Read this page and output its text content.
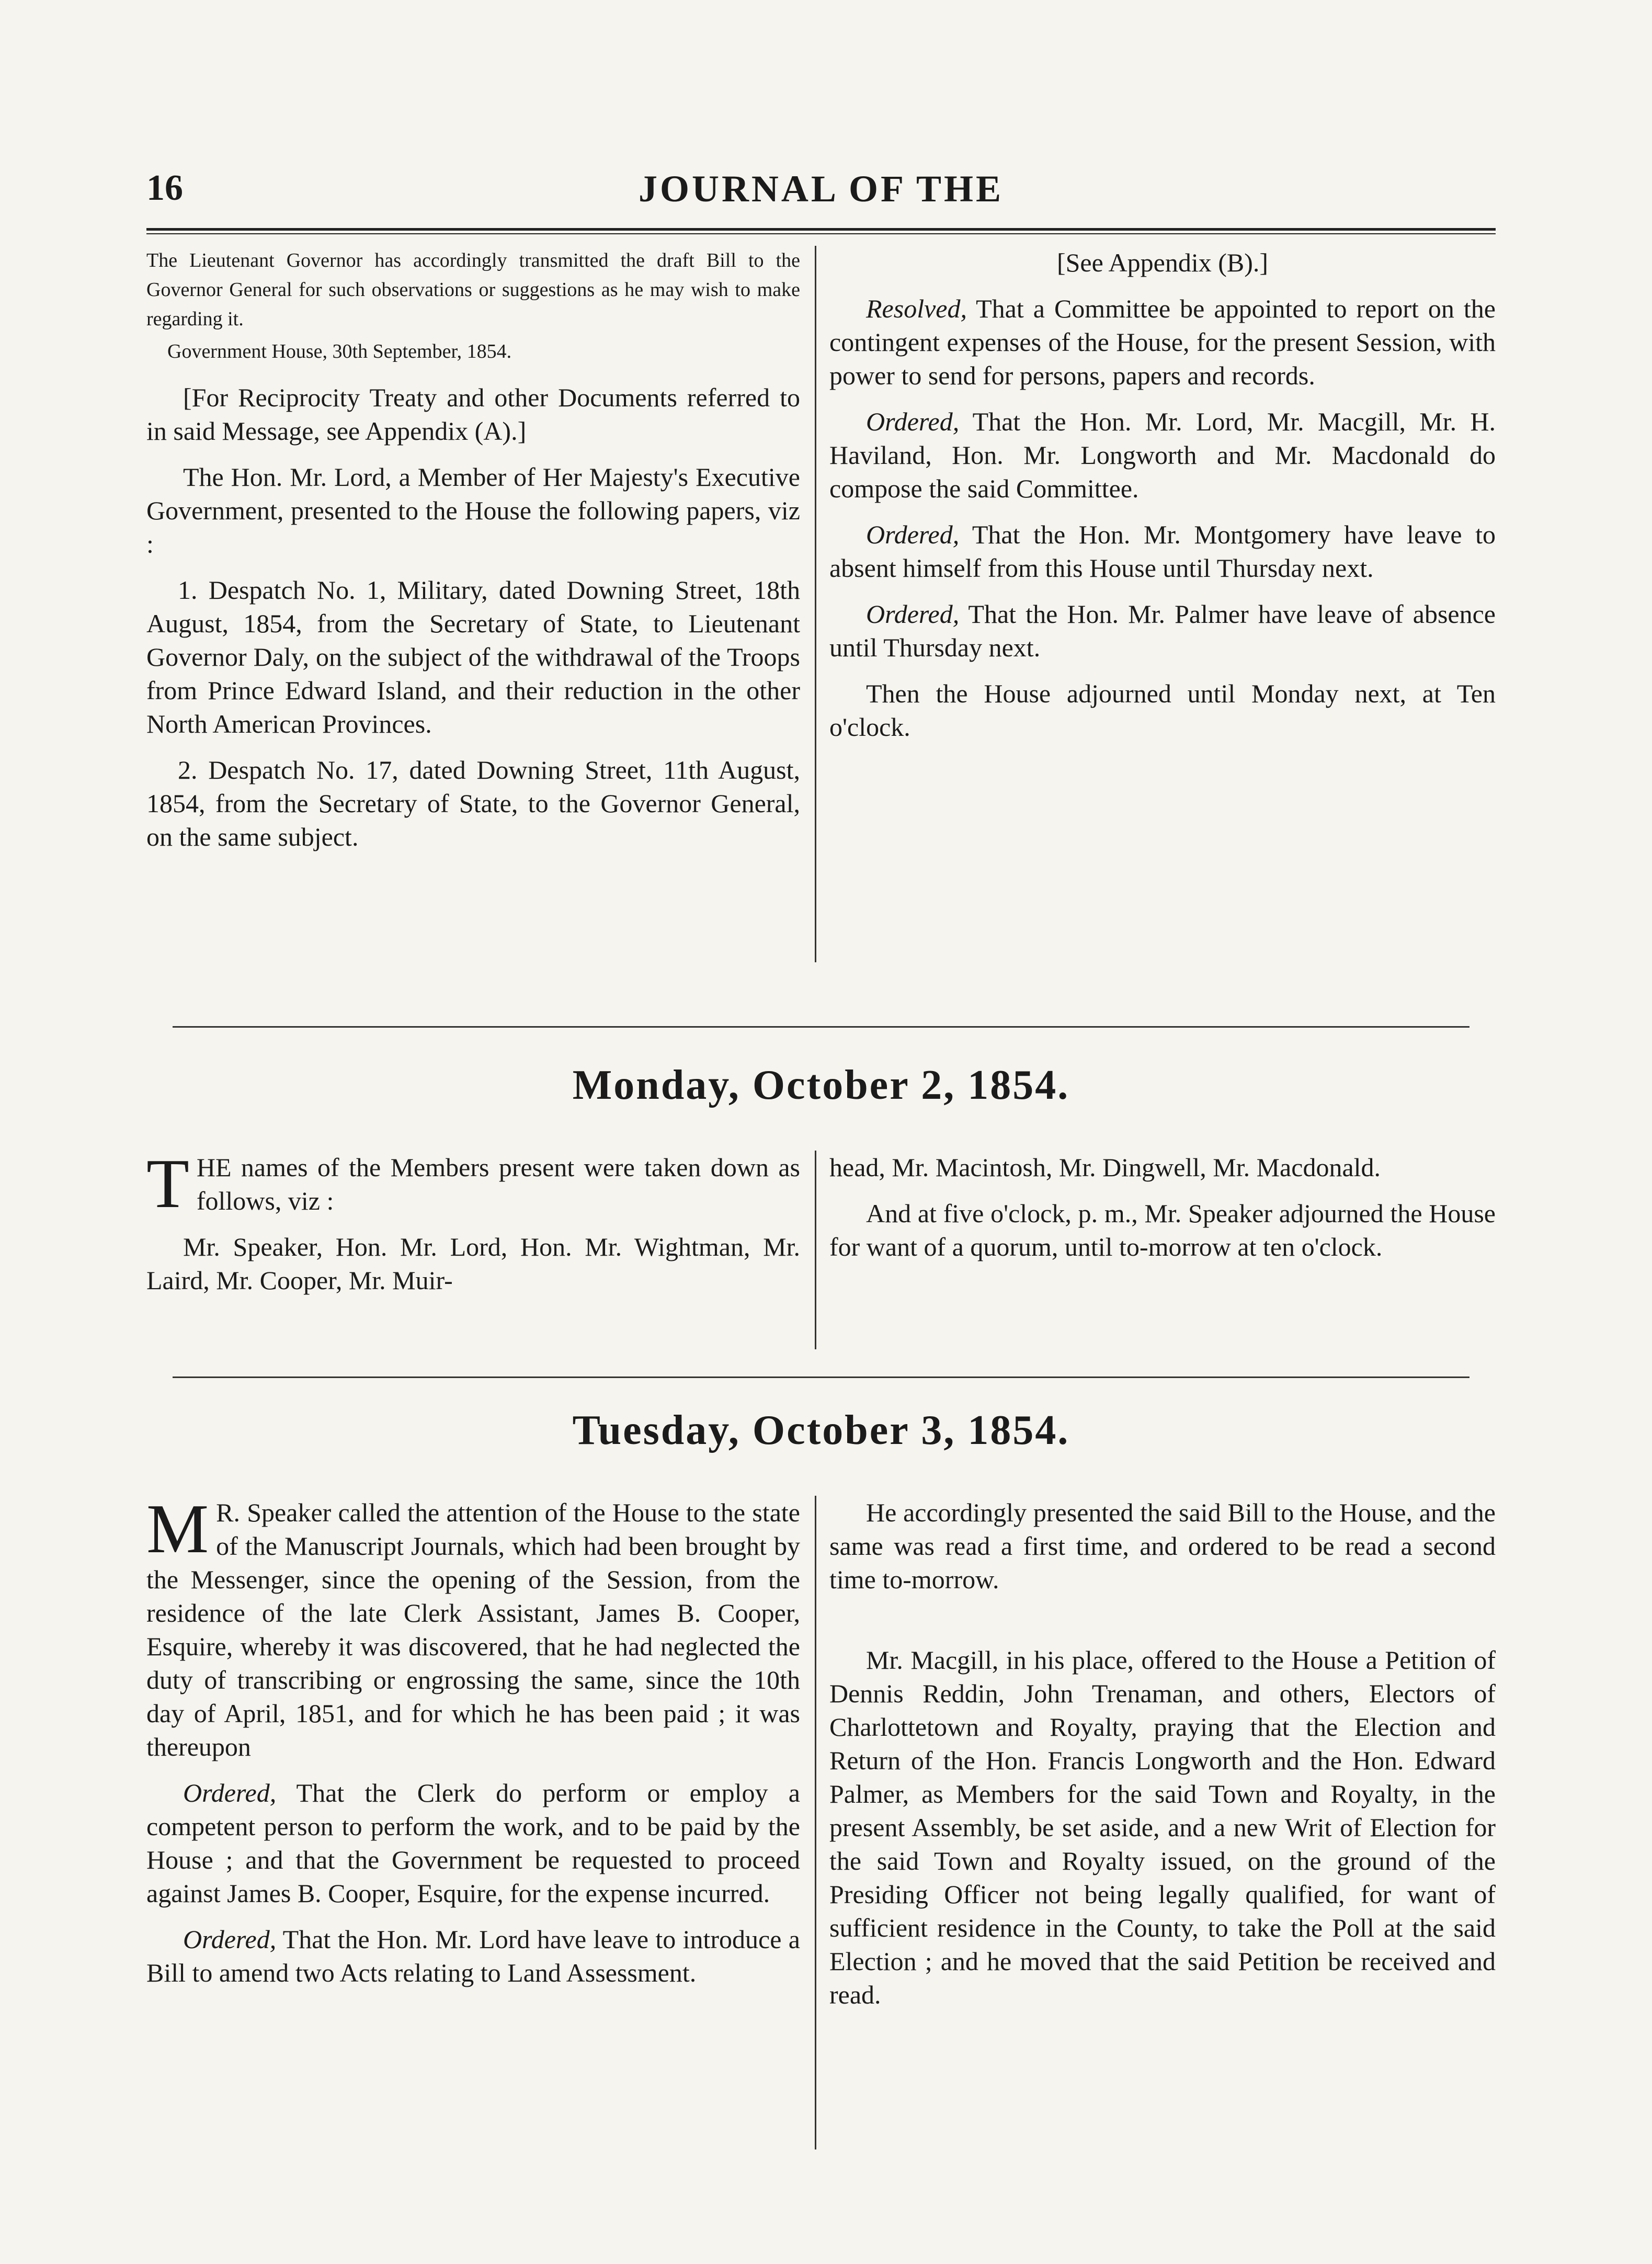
16	JOURNAL OF THE

The Lieutenant Governor has accordingly transmitted the draft Bill to the Governor General for such observations or suggestions as he may wish to make regarding it.

Government House, 30th September, 1854.

[For Reciprocity Treaty and other Documents referred to in said Message, see Appendix (A).]

The Hon. Mr. Lord, a Member of Her Majesty's Executive Government, presented to the House the following papers, viz :

1. Despatch No. 1, Military, dated Downing Street, 18th August, 1854, from the Secretary of State, to Lieutenant Governor Daly, on the subject of the withdrawal of the Troops from Prince Edward Island, and their reduction in the other North American Provinces.

2. Despatch No. 17, dated Downing Street, 11th August, 1854, from the Secretary of State, to the Governor General, on the same subject.

[See Appendix (B).]

Resolved, That a Committee be appointed to report on the contingent expenses of the House, for the present Session, with power to send for persons, papers and records.

Ordered, That the Hon. Mr. Lord, Mr. Macgill, Mr. H. Haviland, Hon. Mr. Longworth and Mr. Macdonald do compose the said Committee.

Ordered, That the Hon. Mr. Montgomery have leave to absent himself from this House until Thursday next.

Ordered, That the Hon. Mr. Palmer have leave of absence until Thursday next.

Then the House adjourned until Monday next, at Ten o'clock.

Monday, October 2, 1854.

THE names of the Members present were taken down as follows, viz :

Mr. Speaker, Hon. Mr. Lord, Hon. Mr. Wightman, Mr. Laird, Mr. Cooper, Mr. Muir-

head, Mr. Macintosh, Mr. Dingwell, Mr. Macdonald.

And at five o'clock, p. m., Mr. Speaker adjourned the House for want of a quorum, until to-morrow at ten o'clock.

Tuesday, October 3, 1854.

M R. Speaker called the attention of the House to the state of the Manuscript Journals, which had been brought by the Messenger, since the opening of the Session, from the residence of the late Clerk Assistant, James B. Cooper, Esquire, whereby it was discovered, that he had neglected the duty of transcribing or engrossing the same, since the 10th day of April, 1851, and for which he has been paid ; it was thereupon

Ordered, That the Clerk do perform or employ a competent person to perform the work, and to be paid by the House ; and that the Government be requested to proceed against James B. Cooper, Esquire, for the expense incurred.

Ordered, That the Hon. Mr. Lord have leave to introduce a Bill to amend two Acts relating to Land Assessment.

He accordingly presented the said Bill to the House, and the same was read a first time, and ordered to be read a second time to-morrow.

Mr. Macgill, in his place, offered to the House a Petition of Dennis Reddin, John Trenaman, and others, Electors of Charlottetown and Royalty, praying that the Election and Return of the Hon. Francis Longworth and the Hon. Edward Palmer, as Members for the said Town and Royalty, in the present Assembly, be set aside, and a new Writ of Election for the said Town and Royalty issued, on the ground of the Presiding Officer not being legally qualified, for want of sufficient residence in the County, to take the Poll at the said Election ; and he moved that the said Petition be received and read.
